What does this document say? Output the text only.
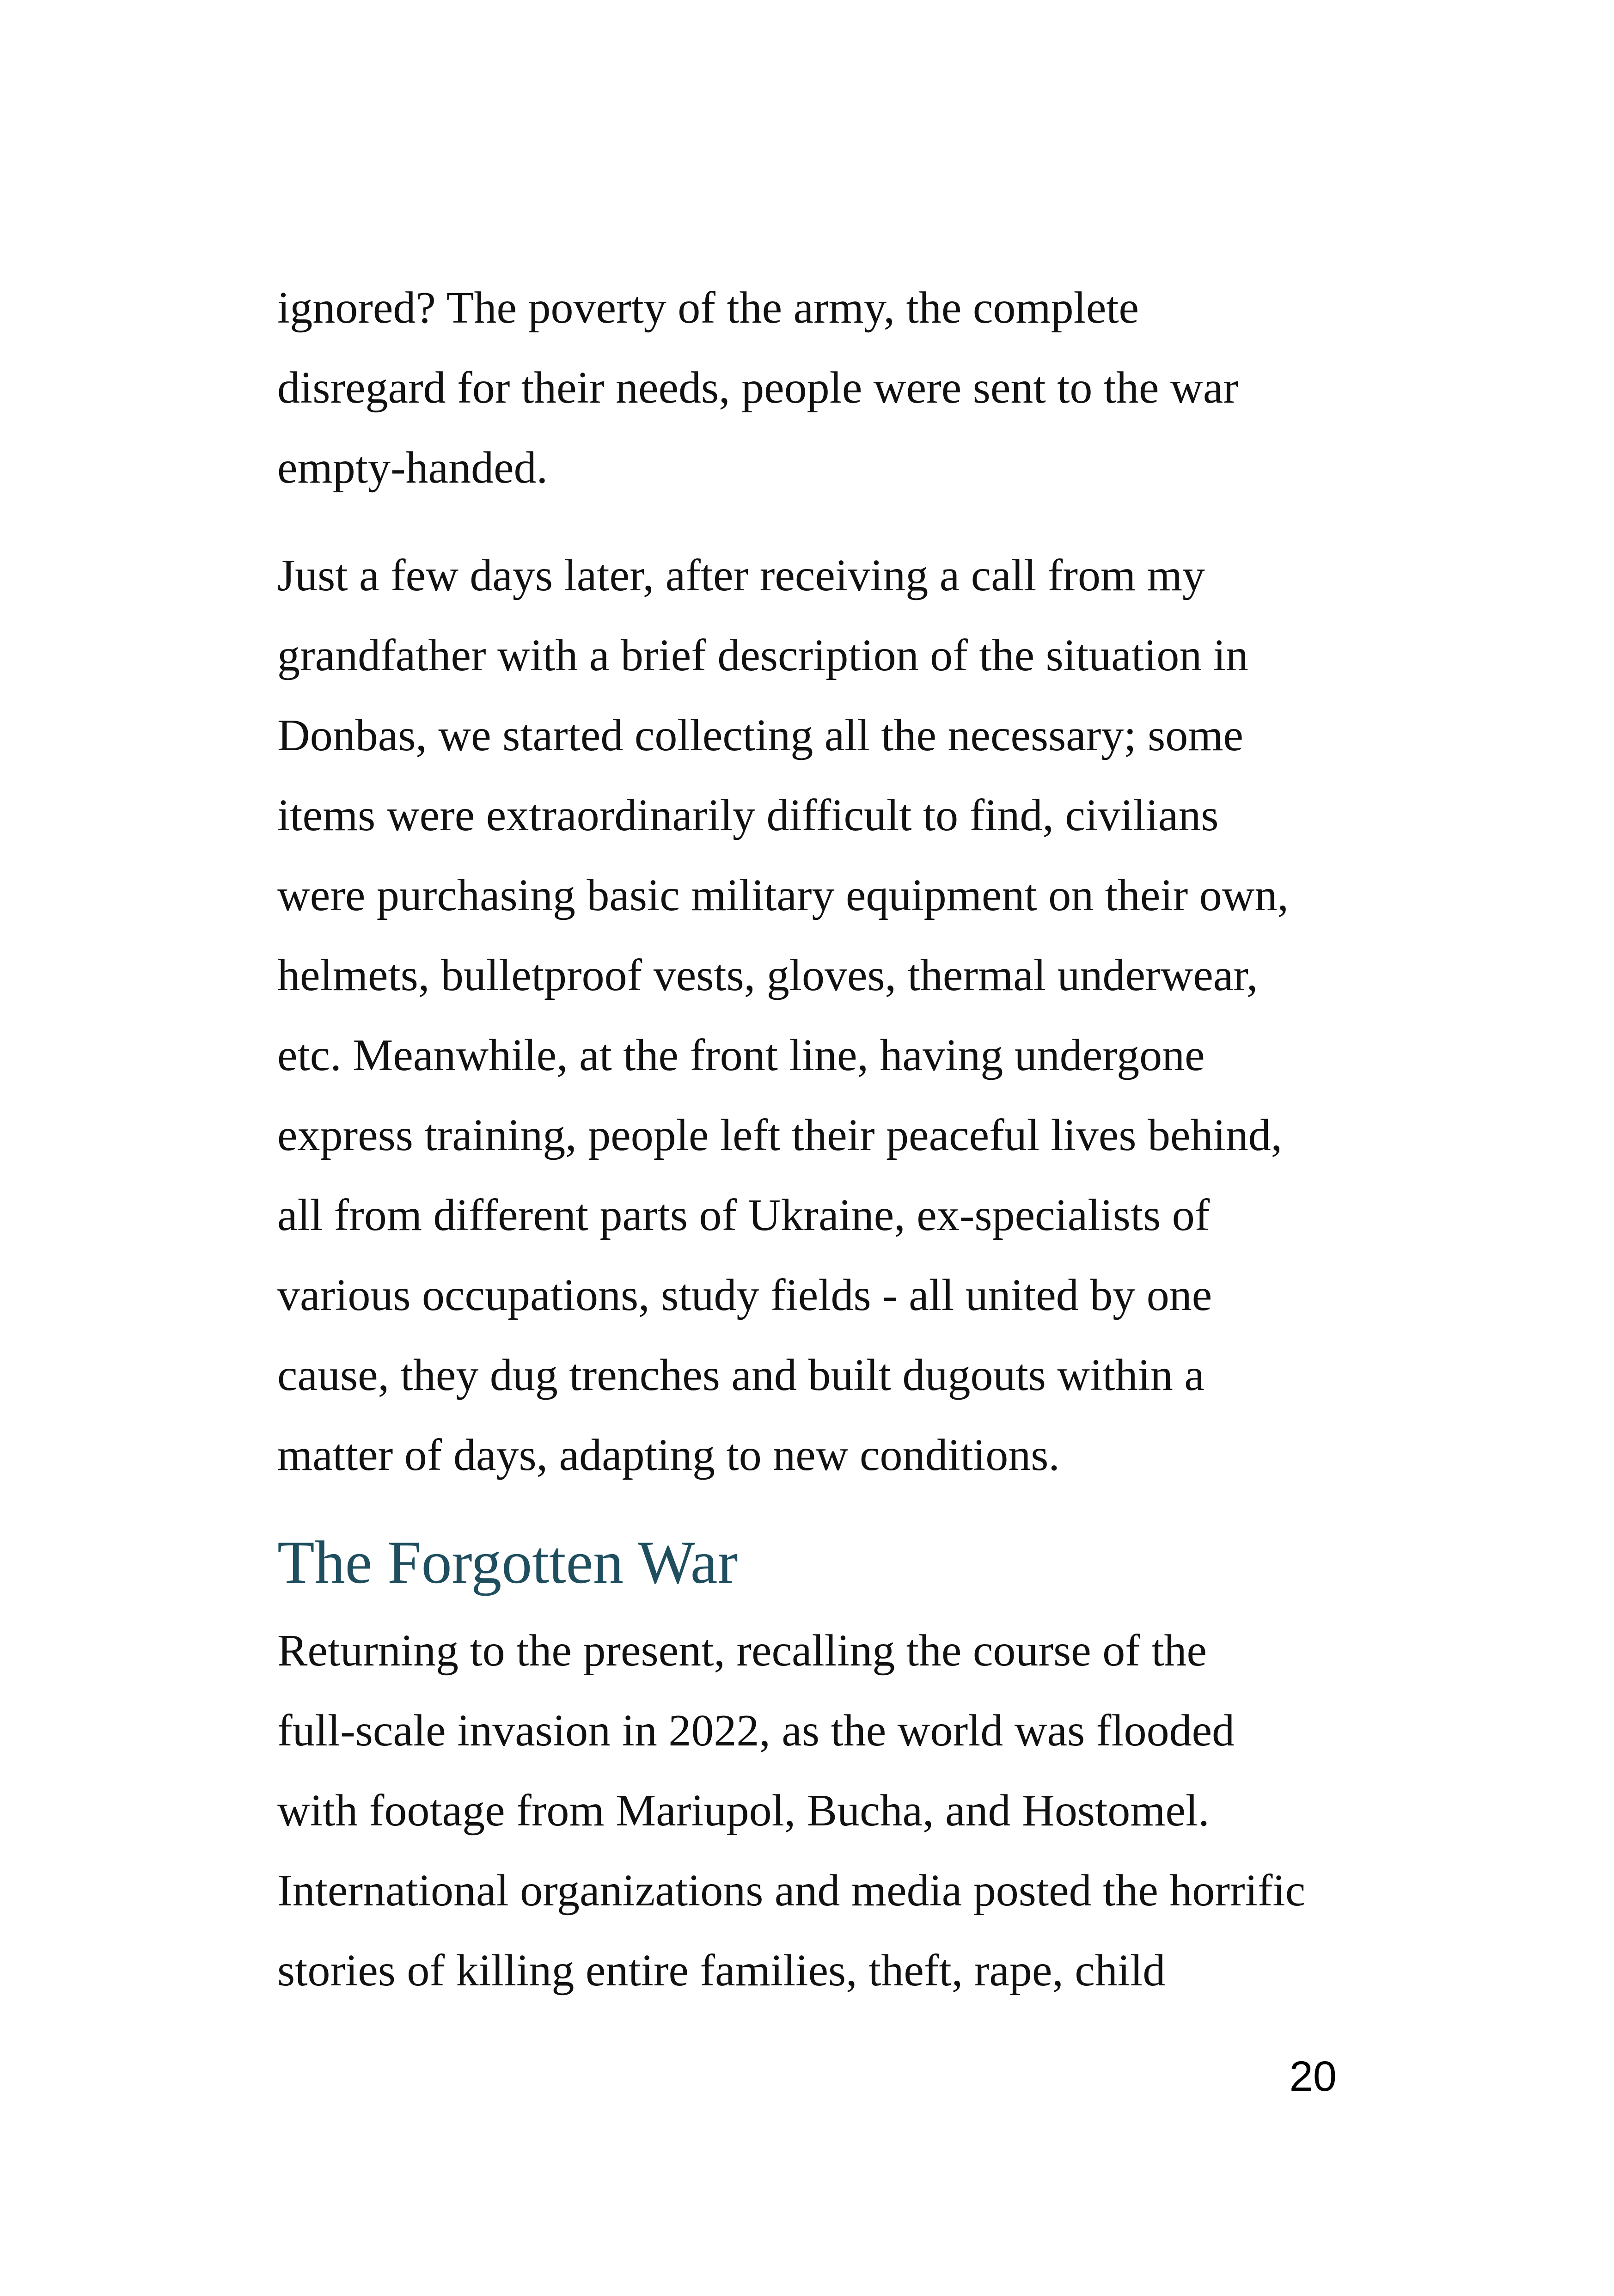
ignored? The poverty of the army, the complete
disregard for their needs, people were sent to the war
empty-handed.

Just a few days later, after receiving a call from my
grandfather with a brief description of the situation in
Donbas, we started collecting all the necessary; some
items were extraordinarily difficult to find, civilians
were purchasing basic military equipment on their own,
helmets, bulletproof vests, gloves, thermal underwear,
etc. Meanwhile, at the front line, having undergone
express training, people left their peaceful lives behind,
all from different parts of Ukraine, ex-specialists of
various occupations, study fields - all united by one
cause, they dug trenches and built dugouts within a
matter of days, adapting to new conditions.

The Forgotten War

Returning to the present, recalling the course of the
full-scale invasion in 2022, as the world was flooded
with footage from Mariupol, Bucha, and Hostomel.
International organizations and media posted the horrific
stories of killing entire families, theft, rape, child

20
